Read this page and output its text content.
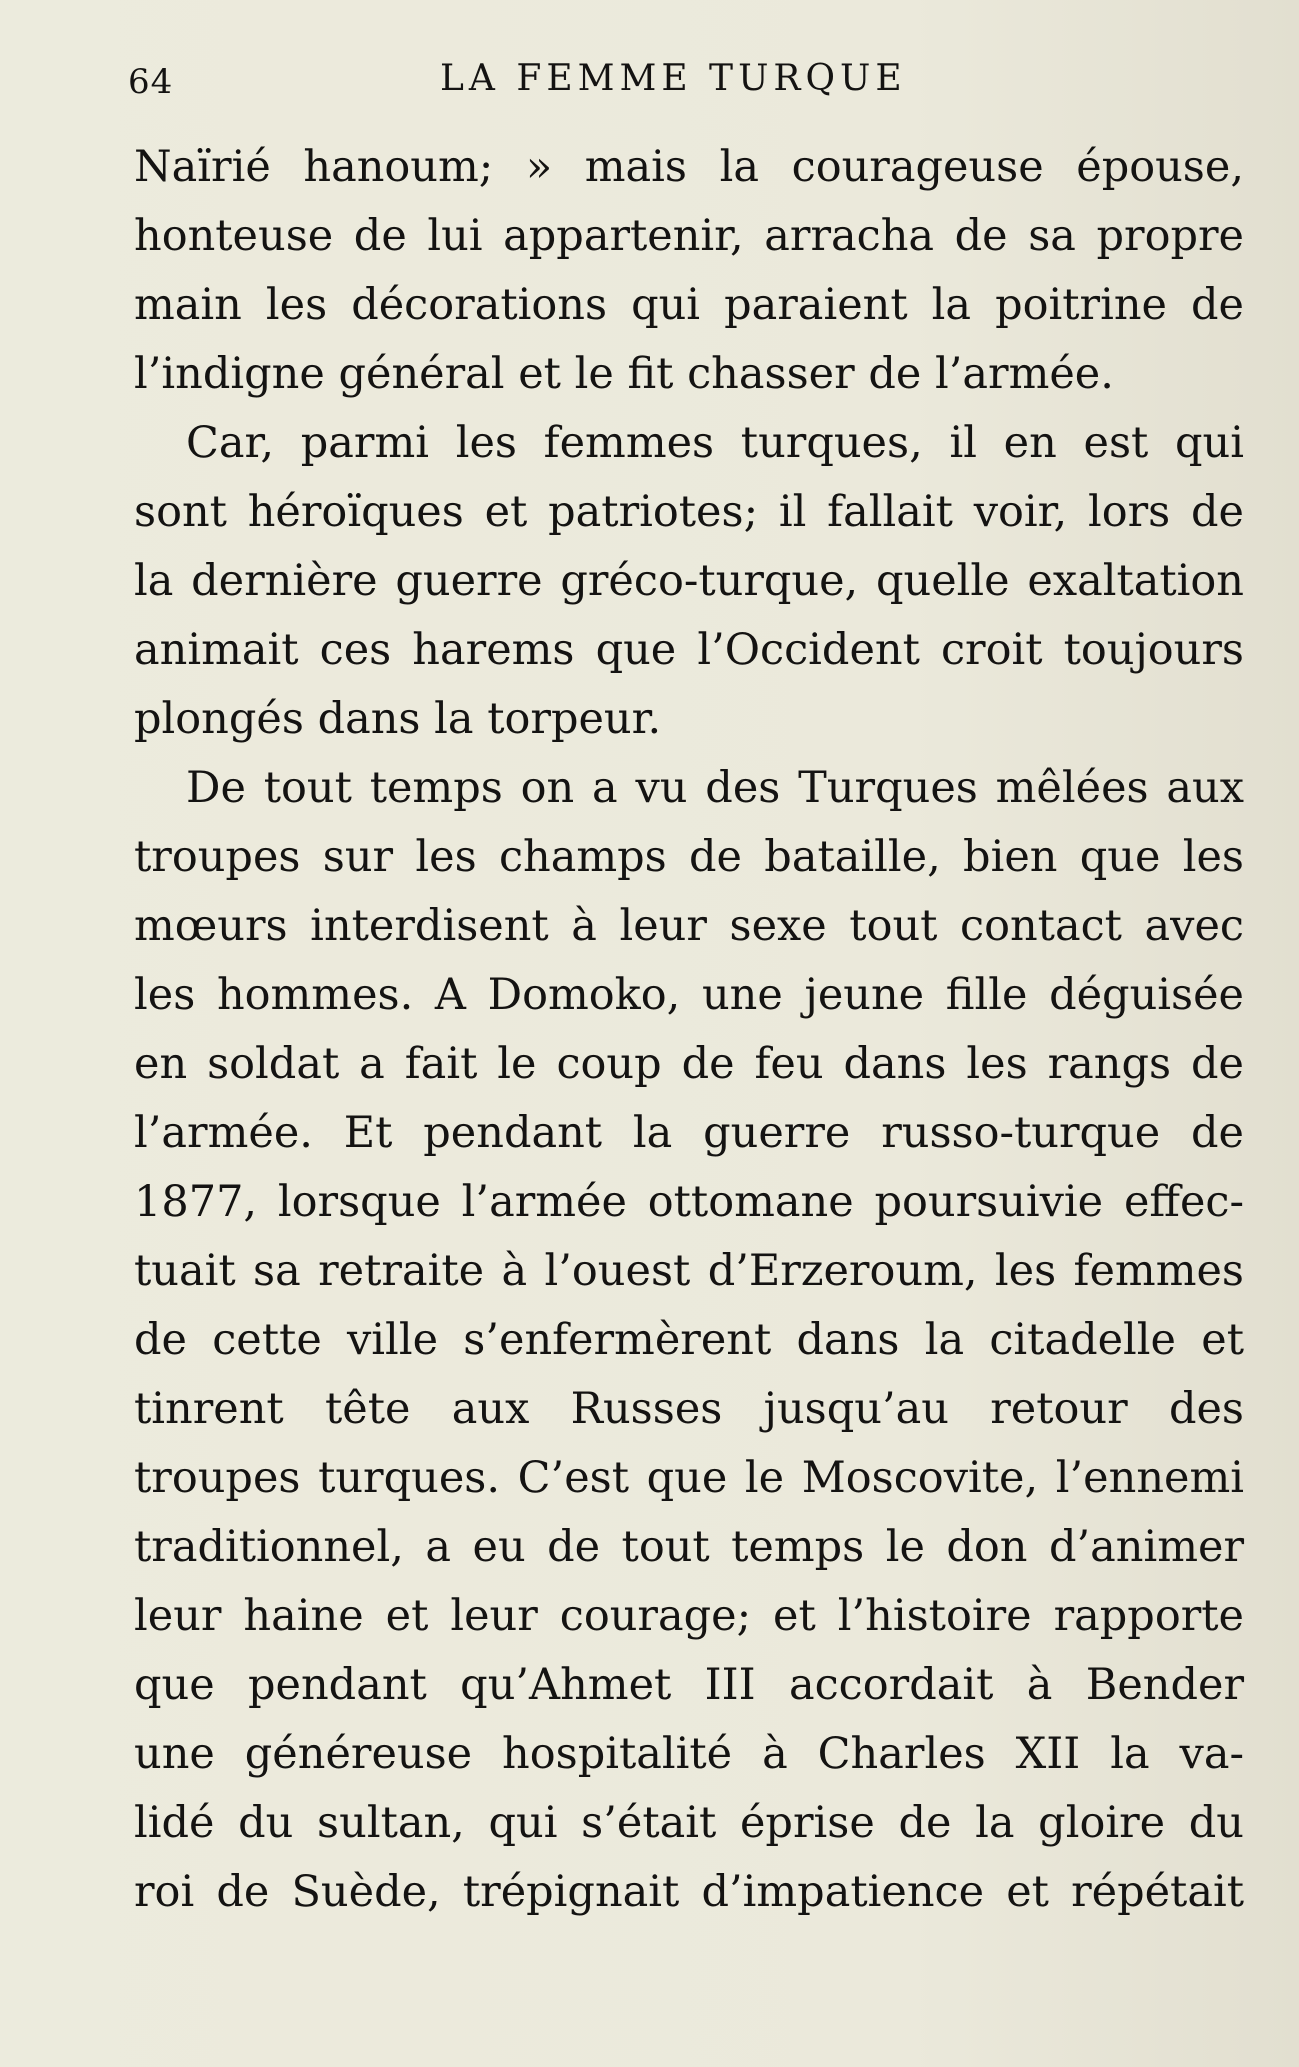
64	LA FEMME TURQUE
Naïrié hanoum; » mais la courageuse épouse,
honteuse de lui appartenir, arracha de sa propre
main les décorations qui paraient la poitrine de
l’indigne général et le fit chasser de l’armée.
Car, parmi les femmes turques, il en est qui
sont héroïques et patriotes; il fallait voir, lors de
la dernière guerre gréco-turque, quelle exaltation
animait ces harems que l’Occident croit toujours
plongés dans la torpeur.
De tout temps on a vu des Turques mêlées aux
troupes sur les champs de bataille, bien que les
mœurs interdisent à leur sexe tout contact avec
les hommes. A Domoko, une jeune fille déguisée
en soldat a fait le coup de feu dans les rangs de
l’armée. Et pendant la guerre russo-turque de
1877, lorsque l’armée ottomane poursuivie effec-
tuait sa retraite à l’ouest d’Erzeroum, les femmes
de cette ville s’enfermèrent dans la citadelle et
tinrent tête aux Russes jusqu’au retour des
troupes turques. C’est que le Moscovite, l’ennemi
traditionnel, a eu de tout temps le don d’animer
leur haine et leur courage; et l’histoire rapporte
que pendant qu’Ahmet III accordait à Bender
une généreuse hospitalité à Charles XII la va-
lidé du sultan, qui s’était éprise de la gloire du
roi de Suède, trépignait d’impatience et répétait
